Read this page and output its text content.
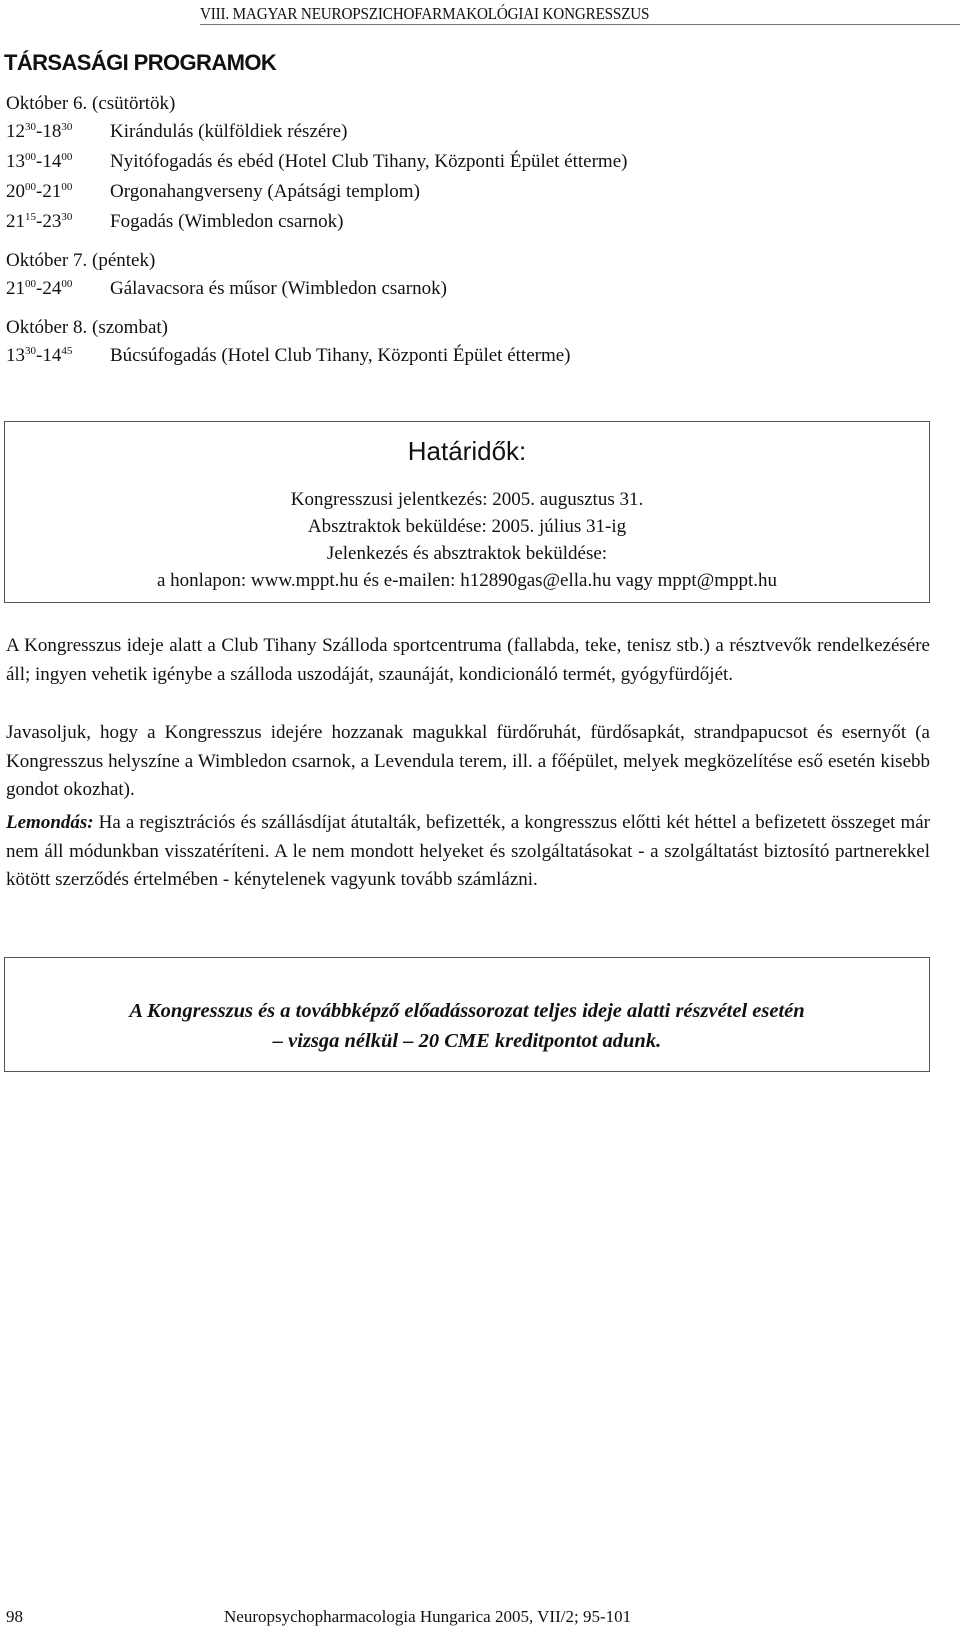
VIII. MAGYAR NEUROPSZICHOFARMAKOLÓGIAI KONGRESSZUS
TÁRSASÁGI PROGRAMOK
Október 6. (csütörtök)
$12^{30}-18^{30}$	Kirándulás (külföldiek részére)
$13^{00}-14^{00}$	Nyitófogadás és ebéd (Hotel Club Tihany, Központi Épület étterme)
$20^{00}-21^{00}$	Orgonahangverseny (Apátsági templom)
$21^{15}-23^{30}$	Fogadás (Wimbledon csarnok)
Október 7. (péntek)
$21^{00}-24^{00}$	Gálavacsora és műsor (Wimbledon csarnok)
Október 8. (szombat)
$13^{30}-14^{45}$	Búcsúfogadás (Hotel Club Tihany, Központi Épület étterme)
Határidők:
Kongresszusi jelentkezés: 2005. augusztus 31.
Absztraktok beküldése: 2005. július 31-ig
Jelenkezés és absztraktok beküldése:
a honlapon: www.mppt.hu és e-mailen: h12890gas@ella.hu vagy mppt@mppt.hu
A Kongresszus ideje alatt a Club Tihany Szálloda sportcentruma (fallabda, teke, tenisz stb.) a résztvevők rendelkezésére áll; ingyen vehetik igénybe a szálloda uszodáját, szaunáját, kondicionáló termét, gyógyfürdőjét.
Javasoljuk, hogy a Kongresszus idejére hozzanak magukkal fürdőruhát, fürdősapkát, strandpapucsot és esernyőt (a Kongresszus helyszíne a Wimbledon csarnok, a Levendula terem, ill. a főépület, melyek megközelítése eső esetén kisebb gondot okozhat).
Lemondás: Ha a regisztrációs és szállásdíjat átutalták, befizették, a kongresszus előtti két héttel a befizetett összeget már nem áll módunkban visszatéríteni. A le nem mondott helyeket és szolgáltatásokat - a szolgáltatást biztosító partnerekkel kötött szerződés értelmében - kénytelenek vagyunk tovább számlázni.
A Kongresszus és a továbbképző előadássorozat teljes ideje alatti részvétel esetén
– vizsga nélkül – 20 CME kreditpontot adunk.
98	Neuropsychopharmacologia Hungarica 2005, VII/2; 95-101
